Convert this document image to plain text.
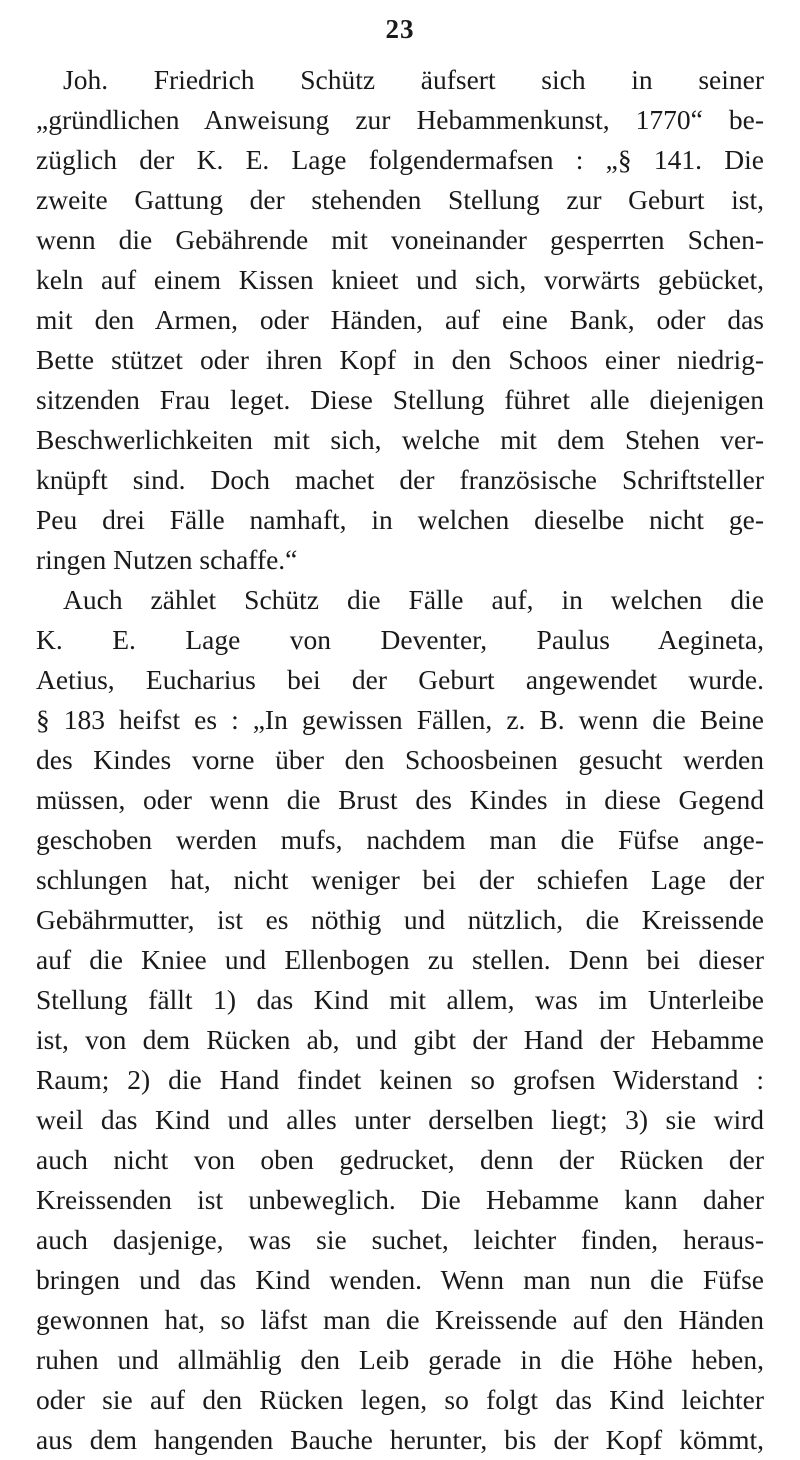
23
Joh. Friedrich Schütz äufsert sich in seiner
„gründlichen Anweisung zur Hebammenkunst, 1770“ be-
züglich der K. E. Lage folgendermafsen : „§ 141. Die
zweite Gattung der stehenden Stellung zur Geburt ist,
wenn die Gebährende mit voneinander gesperrten Schen-
keln auf einem Kissen knieet und sich, vorwärts gebücket,
mit den Armen, oder Händen, auf eine Bank, oder das
Bette stützet oder ihren Kopf in den Schoos einer niedrig-
sitzenden Frau leget. Diese Stellung führet alle diejenigen
Beschwerlichkeiten mit sich, welche mit dem Stehen ver-
knüpft sind. Doch machet der französische Schriftsteller
Peu drei Fälle namhaft, in welchen dieselbe nicht ge-
ringen Nutzen schaffe.“
Auch zählet Schütz die Fälle auf, in welchen die
K. E. Lage von Deventer, Paulus Aegineta,
Aetius, Eucharius bei der Geburt angewendet wurde.
§ 183 heifst es : „In gewissen Fällen, z. B. wenn die Beine
des Kindes vorne über den Schoosbeinen gesucht werden
müssen, oder wenn die Brust des Kindes in diese Gegend
geschoben werden mufs, nachdem man die Füfse ange-
schlungen hat, nicht weniger bei der schiefen Lage der
Gebährmutter, ist es nöthig und nützlich, die Kreissende
auf die Kniee und Ellenbogen zu stellen. Denn bei dieser
Stellung fällt 1) das Kind mit allem, was im Unterleibe
ist, von dem Rücken ab, und gibt der Hand der Hebamme
Raum; 2) die Hand findet keinen so grofsen Widerstand :
weil das Kind und alles unter derselben liegt; 3) sie wird
auch nicht von oben gedrucket, denn der Rücken der
Kreissenden ist unbeweglich. Die Hebamme kann daher
auch dasjenige, was sie suchet, leichter finden, heraus-
bringen und das Kind wenden. Wenn man nun die Füfse
gewonnen hat, so läfst man die Kreissende auf den Händen
ruhen und allmählig den Leib gerade in die Höhe heben,
oder sie auf den Rücken legen, so folgt das Kind leichter
aus dem hangenden Bauche herunter, bis der Kopf kömmt,
